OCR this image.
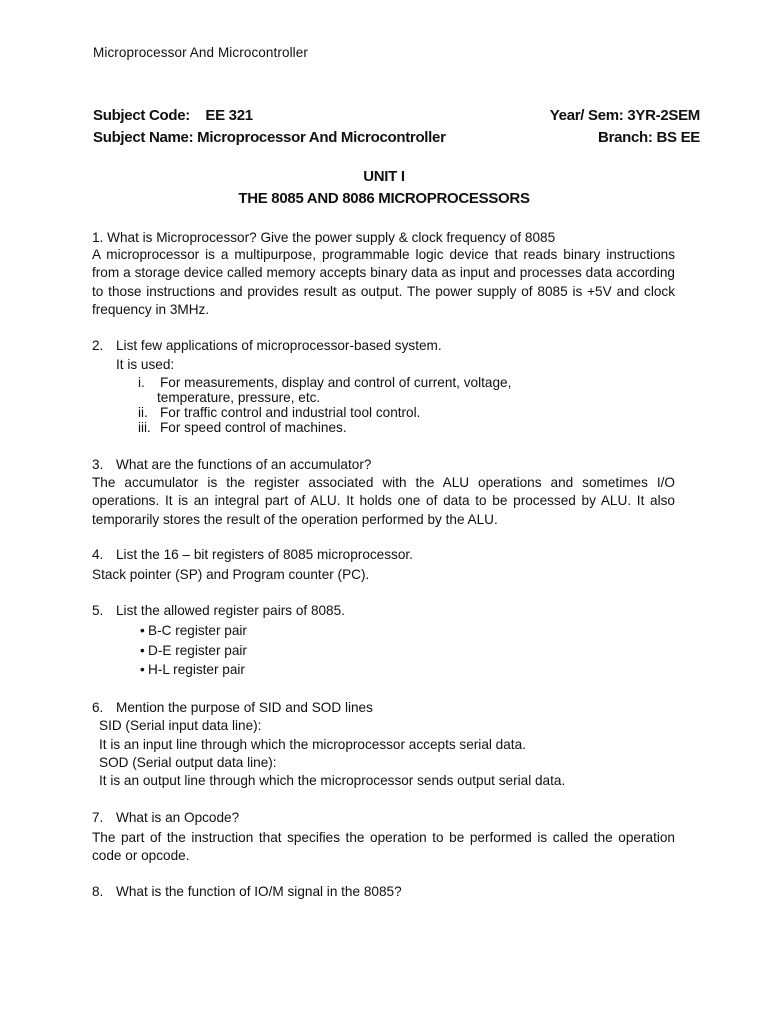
Microprocessor And Microcontroller
Subject Code:    EE 321	Year/ Sem: 3YR-2SEM
Subject Name: Microprocessor And Microcontroller	Branch: BS EE
UNIT I
THE 8085 AND 8086 MICROPROCESSORS
1. What is Microprocessor? Give the power supply & clock frequency of 8085
A microprocessor is a multipurpose, programmable logic device that reads binary instructions from a storage device called memory accepts binary data as input and processes data according to those instructions and provides result as output. The power supply of 8085 is +5V and clock frequency in 3MHz.
2. List few applications of microprocessor-based system.
It is used:
i. For measurements, display and control of current, voltage,
temperature, pressure, etc.
ii. For traffic control and industrial tool control.
iii. For speed control of machines.
3. What are the functions of an accumulator?
The accumulator is the register associated with the ALU operations and sometimes I/O operations. It is an integral part of ALU. It holds one of data to be processed by ALU. It also temporarily stores the result of the operation performed by the ALU.
4. List the 16 – bit registers of 8085 microprocessor.
Stack pointer (SP) and Program counter (PC).
5. List the allowed register pairs of 8085.
• B-C register pair
• D-E register pair
• H-L register pair
6. Mention the purpose of SID and SOD lines
SID (Serial input data line):
It is an input line through which the microprocessor accepts serial data.
SOD (Serial output data line):
It is an output line through which the microprocessor sends output serial data.
7. What is an Opcode?
The part of the instruction that specifies the operation to be performed is called the operation code or opcode.
8. What is the function of IO/M signal in the 8085?
